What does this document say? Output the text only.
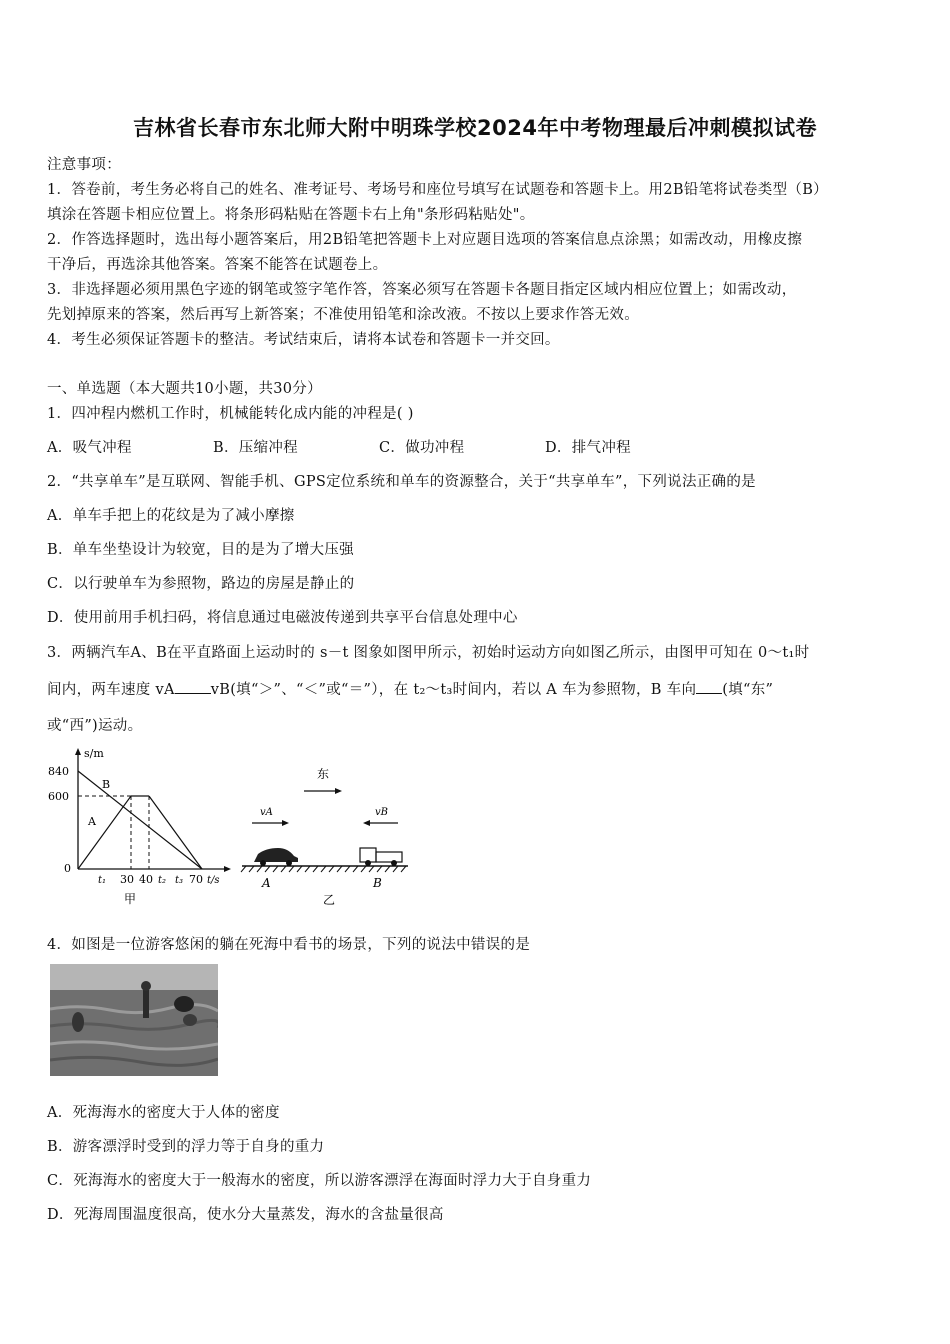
吉林省长春市东北师大附中明珠学校2024年中考物理最后冲刺模拟试卷
注意事项：
1．答卷前，考生务必将自己的姓名、准考证号、考场号和座位号填写在试题卷和答题卡上。用2B铅笔将试卷类型（B）
填涂在答题卡相应位置上。将条形码粘贴在答题卡右上角"条形码粘贴处"。
2．作答选择题时，选出每小题答案后，用2B铅笔把答题卡上对应题目选项的答案信息点涂黑；如需改动，用橡皮擦
干净后，再选涂其他答案。答案不能答在试题卷上。
3．非选择题必须用黑色字迹的钢笔或签字笔作答，答案必须写在答题卡各题目指定区域内相应位置上；如需改动，
先划掉原来的答案，然后再写上新答案；不准使用铅笔和涂改液。不按以上要求作答无效。
4．考生必须保证答题卡的整洁。考试结束后，请将本试卷和答题卡一并交回。
一、单选题（本大题共10小题，共30分）
1．四冲程内燃机工作时，机械能转化成内能的冲程是( )
A．吸气冲程	B．压缩冲程	C．做功冲程	D．排气冲程
2．“共享单车”是互联网、智能手机、GPS定位系统和单车的资源整合，关于“共享单车”，下列说法正确的是
A．单车手把上的花纹是为了减小摩擦
B．单车坐垫设计为较宽，目的是为了增大压强
C．以行驶单车为参照物，路边的房屋是静止的
D．使用前用手机扫码，将信息通过电磁波传递到共享平台信息处理中心
3．两辆汽车A、B在平直路面上运动时的 s－t 图象如图甲所示，初始时运动方向如图乙所示，由图甲可知在 0～t₁时
间内，两车速度 vA vB(填“＞”、“＜”或“＝”），在 t₂～t₃时间内，若以 A 车为参照物，B 车向 (填“东”
或“西”)运动。
s/m
840
600
0
t₁ 30 40 t₂ t₃ 70 t/s
B
A
甲
东
vA	vB
A	B
乙
4．如图是一位游客悠闲的躺在死海中看书的场景，下列的说法中错误的是
A．死海海水的密度大于人体的密度
B．游客漂浮时受到的浮力等于自身的重力
C．死海海水的密度大于一般海水的密度，所以游客漂浮在海面时浮力大于自身重力
D．死海周围温度很高，使水分大量蒸发，海水的含盐量很高
